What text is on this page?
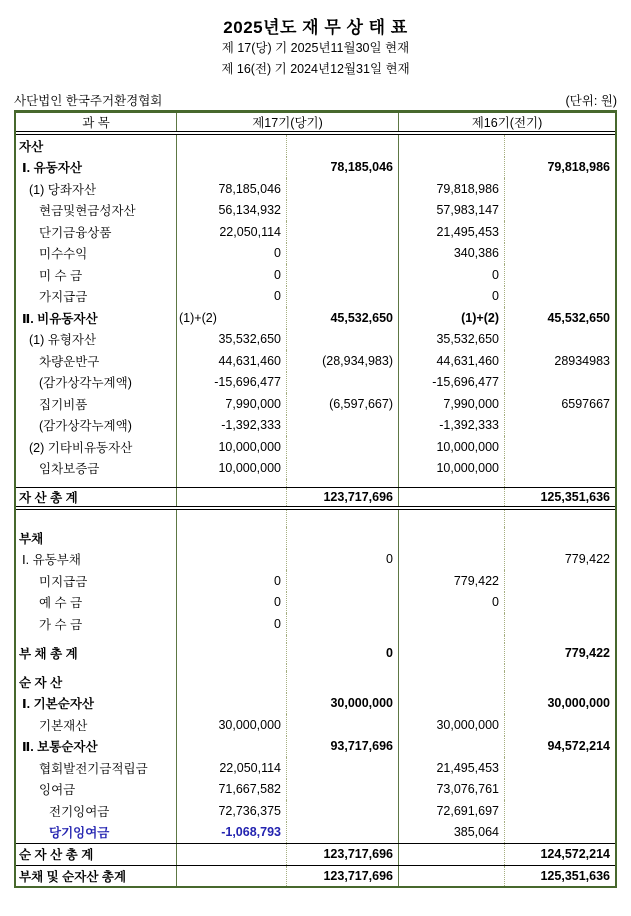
2025년도 재 무 상 태 표
제 17(당) 기 2025년11월30일 현재
제 16(전) 기 2024년12월31일 현재
사단법인 한국주거환경협회	(단위: 원)
과 목	제17기(당기)	제16기(전기)
자산
Ⅰ. 유동자산	78,185,046	79,818,986
(1) 당좌자산	78,185,046	79,818,986
현금및현금성자산	56,134,932	57,983,147
단기금융상품	22,050,114	21,495,453
미수수익	0	340,386
미 수 금	0	0
가지급금	0	0
Ⅱ. 비유동자산	(1)+(2)	45,532,650	(1)+(2)	45,532,650
(1) 유형자산	35,532,650	35,532,650
차량운반구	44,631,460	(28,934,983)	44,631,460	28934983
(감가상각누계액)	-15,696,477	-15,696,477
집기비품	7,990,000	(6,597,667)	7,990,000	6597667
(감가상각누계액)	-1,392,333	-1,392,333
(2) 기타비유동자산	10,000,000	10,000,000
임차보증금	10,000,000	10,000,000
자 산 총 계	123,717,696	125,351,636
부채
Ⅰ. 유동부채	0	779,422
미지급금	0	779,422
예 수 금	0	0
가 수 금	0
부 채 총 계	0	779,422
순 자 산
Ⅰ. 기본순자산	30,000,000	30,000,000
기본재산	30,000,000	30,000,000
Ⅱ. 보통순자산	93,717,696	94,572,214
협회발전기금적립금	22,050,114	21,495,453
잉여금	71,667,582	73,076,761
전기잉여금	72,736,375	72,691,697
당기잉여금	-1,068,793	385,064
순 자 산 총 계	123,717,696	124,572,214
부채 및 순자산 총계	123,717,696	125,351,636
